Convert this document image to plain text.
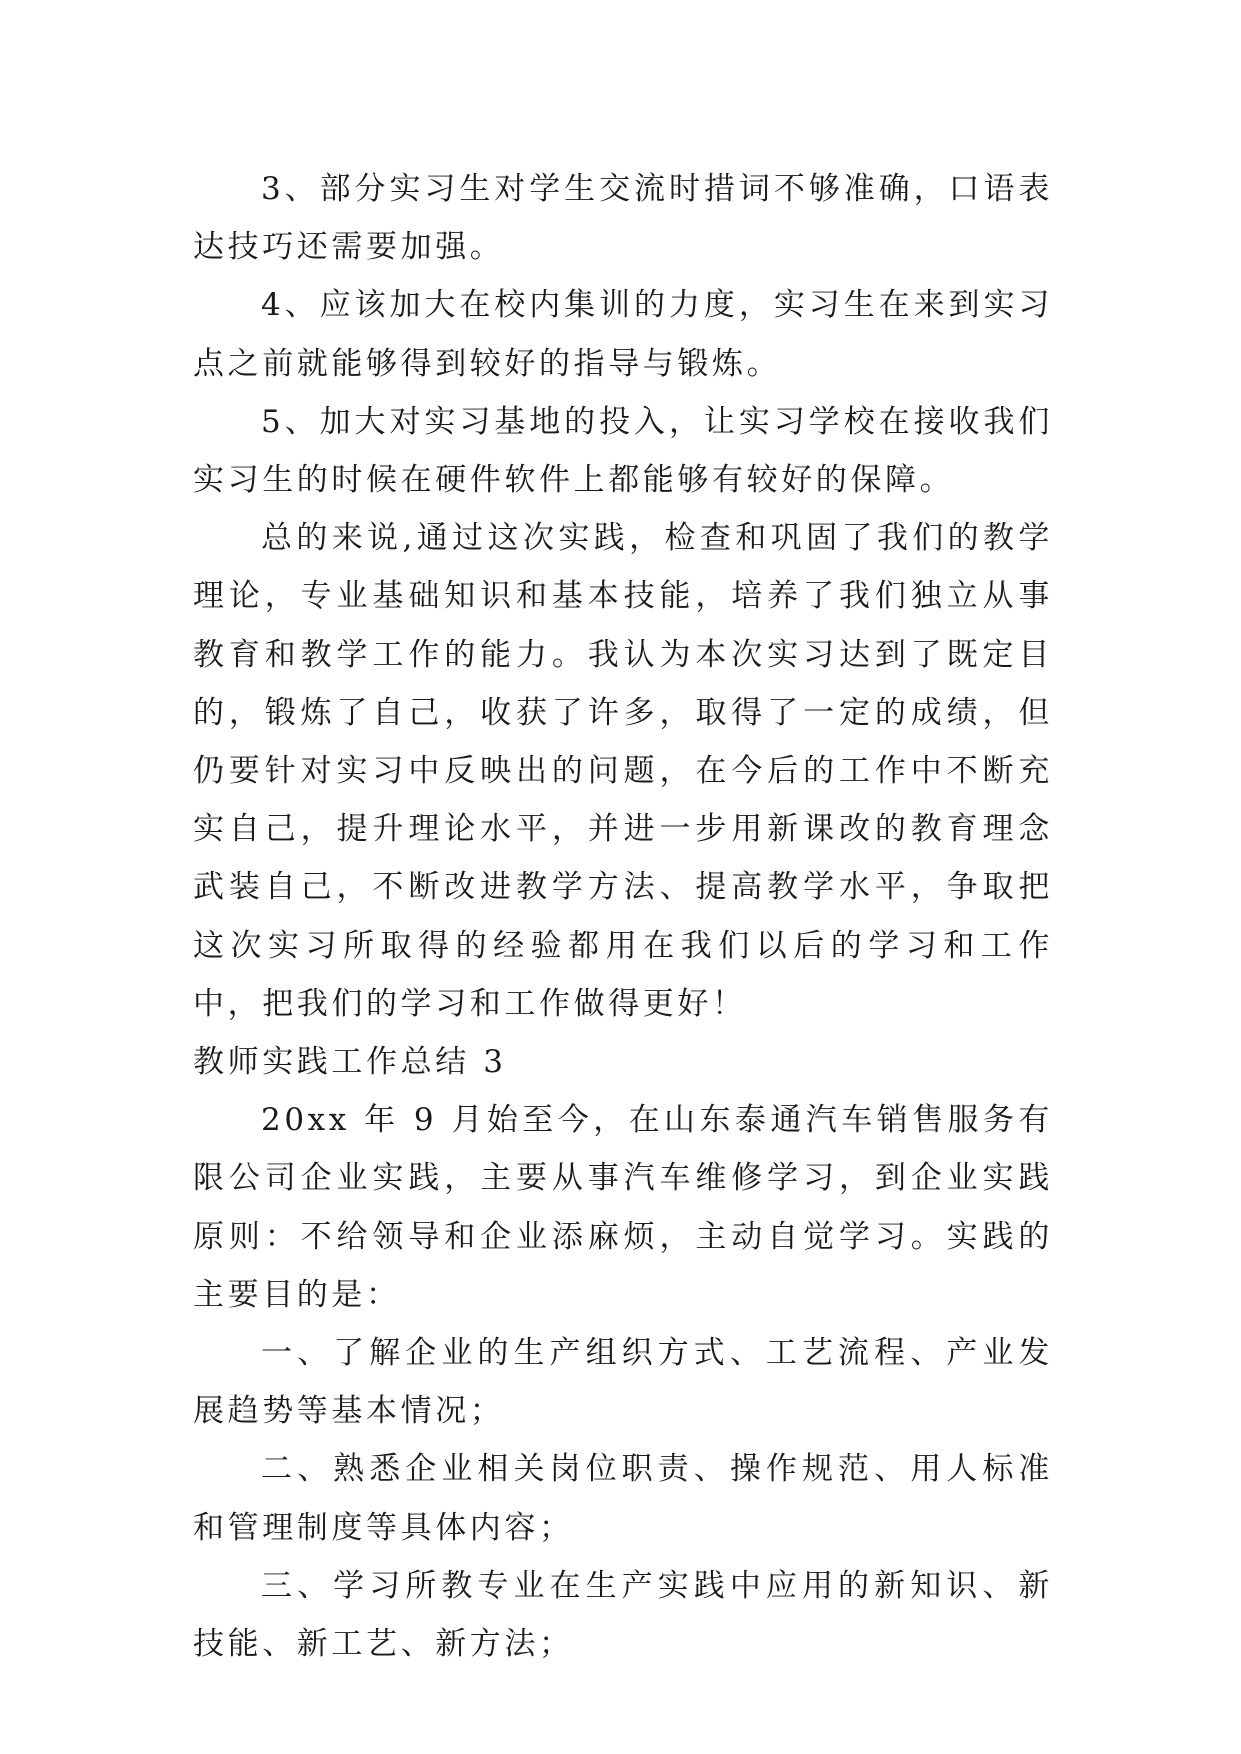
3、部分实习生对学生交流时措词不够准确，口语表达技巧还需要加强。

4、应该加大在校内集训的力度，实习生在来到实习点之前就能够得到较好的指导与锻炼。

5、加大对实习基地的投入，让实习学校在接收我们实习生的时候在硬件软件上都能够有较好的保障。

总的来说,通过这次实践，检查和巩固了我们的教学理论，专业基础知识和基本技能，培养了我们独立从事教育和教学工作的能力。我认为本次实习达到了既定目的，锻炼了自己，收获了许多，取得了一定的成绩，但仍要针对实习中反映出的问题，在今后的工作中不断充实自己，提升理论水平，并进一步用新课改的教育理念武装自己，不断改进教学方法、提高教学水平，争取把这次实习所取得的经验都用在我们以后的学习和工作中，把我们的学习和工作做得更好！

教师实践工作总结 3

20xx 年 9 月始至今，在山东泰通汽车销售服务有限公司企业实践，主要从事汽车维修学习，到企业实践原则：不给领导和企业添麻烦，主动自觉学习。实践的主要目的是：

一、了解企业的生产组织方式、工艺流程、产业发展趋势等基本情况；

二、熟悉企业相关岗位职责、操作规范、用人标准和管理制度等具体内容；

三、学习所教专业在生产实践中应用的新知识、新技能、新工艺、新方法；
